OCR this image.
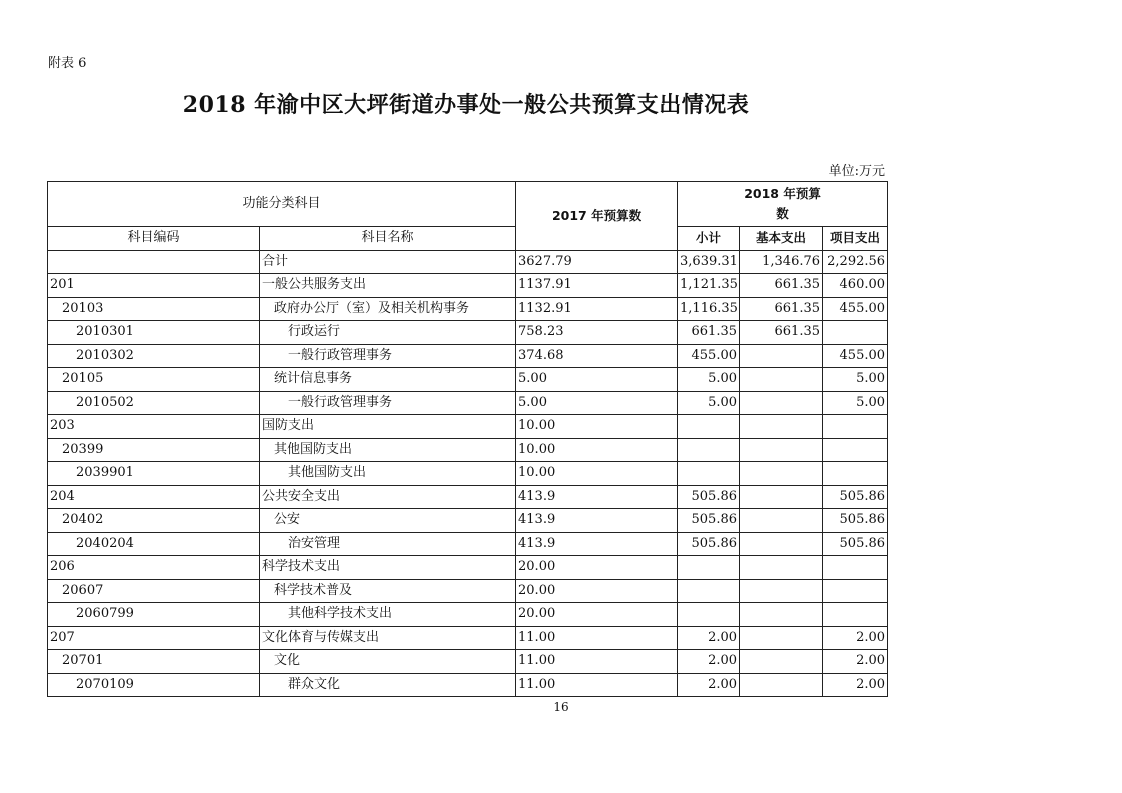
附表 6
2018 年渝中区大坪街道办事处一般公共预算支出情况表
单位:万元
功能分类科目		2017 年预算数	2018 年预算数		
科目编码	科目名称		小计	基本支出	项目支出
	合计	3627.79	3,639.31	1,346.76	2,292.56
201	一般公共服务支出	1137.91	1,121.35	661.35	460.00
20103	政府办公厅（室）及相关机构事务	1132.91	1,116.35	661.35	455.00
2010301	行政运行	758.23	661.35	661.35	
2010302	一般行政管理事务	374.68	455.00		455.00
20105	统计信息事务	5.00	5.00		5.00
2010502	一般行政管理事务	5.00	5.00		5.00
203	国防支出	10.00			
20399	其他国防支出	10.00			
2039901	其他国防支出	10.00			
204	公共安全支出	413.9	505.86		505.86
20402	公安	413.9	505.86		505.86
2040204	治安管理	413.9	505.86		505.86
206	科学技术支出	20.00			
20607	科学技术普及	20.00			
2060799	其他科学技术支出	20.00			
207	文化体育与传媒支出	11.00	2.00		2.00
20701	文化	11.00	2.00		2.00
2070109	群众文化	11.00	2.00		2.00
16
